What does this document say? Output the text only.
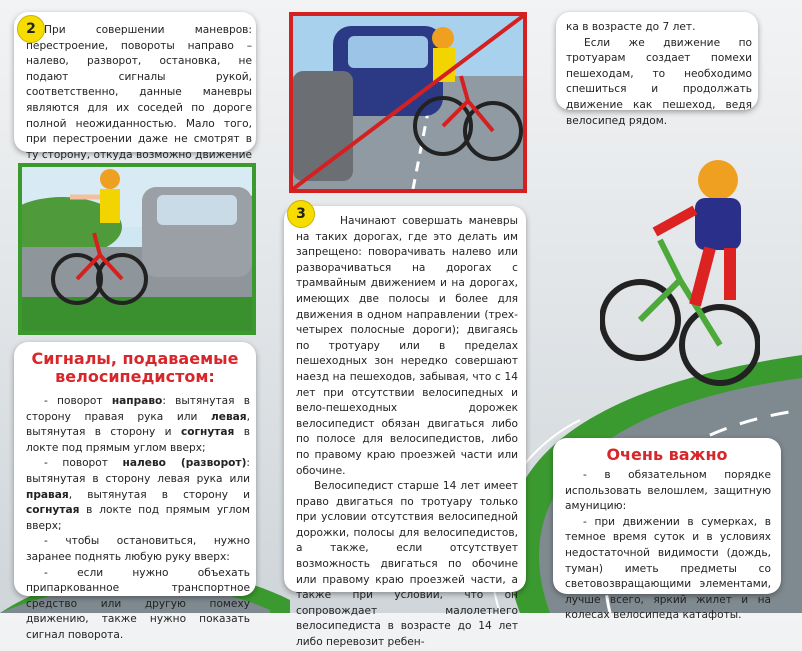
2 При совершении маневров: перестроение, повороты направо – налево, разворот, остановка, не подают сигналы рукой, соответственно, данные маневры являются для их соседей по дороге полной неожиданностью. Мало того, при перестроении даже не смотрят в ту сторону, откуда возможно движение

ка в возрасте до 7 лет.

Если же движение по тротуарам создает помехи пешеходам, то необходимо спешиться и продолжать движение как пешеход, ведя велосипед рядом.

3	Начинают совершать маневры на таких дорогах, где это делать им запрещено: поворачивать налево или разворачиваться на дорогах с трамвайным движением и на дорогах, имеющих две полосы и более для движения в одном направлении (трех-четырех полосные дороги); двигаясь по тротуару или в пределах пешеходных зон нередко совершают наезд на пешеходов, забывая, что с 14 лет при отсутствии велосипедных и вело-пешеходных дорожек велосипедист обязан двигаться либо по полосе для велосипедистов, либо по правому краю проезжей части или обочине.

Велосипедист старше 14 лет имеет право двигаться по тротуару только при условии отсутствия велосипедной дорожки, полосы для велосипедистов, а также, если отсутствует возможность двигаться по обочине или правому краю проезжей части, а также при условии, что он сопровождает малолетнего велосипедиста в возрасте до 14 лет либо перевозит ребен-

Сигналы, подаваемые
велосипедистом:

- поворот направо: вытянутая в сторону правая рука или левая, вытянутая в сторону и согнутая в локте под прямым углом вверх;

- поворот налево (разворот): вытянутая в сторону левая рука или правая, вытянутая в сторону и согнутая в локте под прямым углом вверх;

- чтобы остановиться, нужно заранее поднять любую руку вверх:

- если нужно объехать припаркованное транспортное средство или другую помеху движению, также нужно показать сигнал поворота.

Очень важно

- в обязательном порядке использовать велошлем, защитную амуницию:

- при движении в сумерках, в темное время суток и в условиях недостаточной видимости (дождь, туман) иметь предметы со световозвращающими элементами, лучше всего, яркий жилет и на колесах велосипеда катафоты.
